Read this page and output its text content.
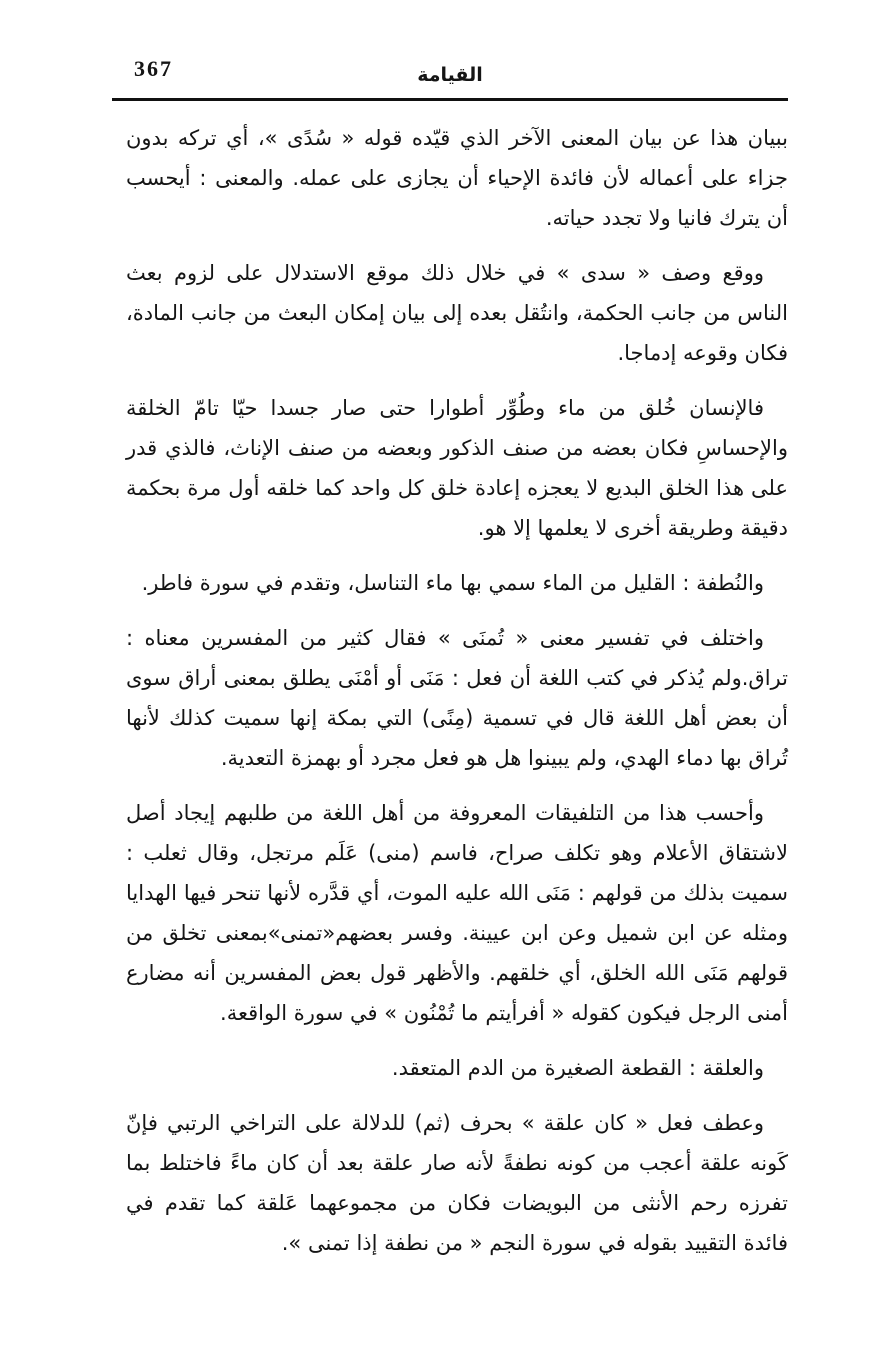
367	القيامة

ببيان هذا عن بيان المعنى الآخر الذي قيّده قوله « سُدًى »، أي تركه بدون جزاء على أعماله لأن فائدة الإحياء أن يجازى على عمله. والمعنى : أيحسب أن يترك فانيا ولا تجدد حياته.

ووقع وصف « سدى » في خلال ذلك موقع الاستدلال على لزوم بعث الناس من جانب الحكمة، وانتُقل بعده إلى بيان إمكان البعث من جانب المادة، فكان وقوعه إدماجا.

فالإنسان خُلق من ماء وطُوِّر أطوارا حتى صار جسدا حيّا تامّ الخلقة والإحساسِ فكان بعضه من صنف الذكور وبعضه من صنف الإناث، فالذي قدر على هذا الخلق البديع لا يعجزه إعادة خلق كل واحد كما خلقه أول مرة بحكمة دقيقة وطريقة أخرى لا يعلمها إلا هو.

والنُطفة : القليل من الماء سمي بها ماء التناسل، وتقدم في سورة فاطر.

واختلف في تفسير معنى « تُمنَى » فقال كثير من المفسرين معناه : تراق.ولم يُذكر في كتب اللغة أن فعل : مَنَى أو أمْنَى يطلق بمعنى أراق سوى أن بعض أهل اللغة قال في تسمية (مِنًى) التي بمكة إنها سميت كذلك لأنها تُراق بها دماء الهدي، ولم يبينوا هل هو فعل مجرد أو بهمزة التعدية.

وأحسب هذا من التلفيقات المعروفة من أهل اللغة من طلبهم إيجاد أصل لاشتقاق الأعلام وهو تكلف صراح، فاسم (منى) عَلَم مرتجل، وقال ثعلب : سميت بذلك من قولهم : مَنَى الله عليه الموت، أي قدَّره لأنها تنحر فيها الهدايا ومثله عن ابن شميل وعن ابن عيينة. وفسر بعضهم«تمنى»بمعنى تخلق من قولهم مَنَى الله الخلق، أي خلقهم. والأظهر قول بعض المفسرين أنه مضارع أمنى الرجل فيكون كقوله « أفرأيتم ما تُمْنُون » في سورة الواقعة.

والعلقة : القطعة الصغيرة من الدم المتعقد.

وعطف فعل « كان علقة » بحرف (ثم) للدلالة على التراخي الرتبي فإنّ كَونه علقة أعجب من كونه نطفةً لأنه صار علقة بعد أن كان ماءً فاختلط بما تفرزه رحم الأنثى من البويضات فكان من مجموعهما عَلقة كما تقدم في فائدة التقييد بقوله في سورة النجم « من نطفة إذا تمنى ».
